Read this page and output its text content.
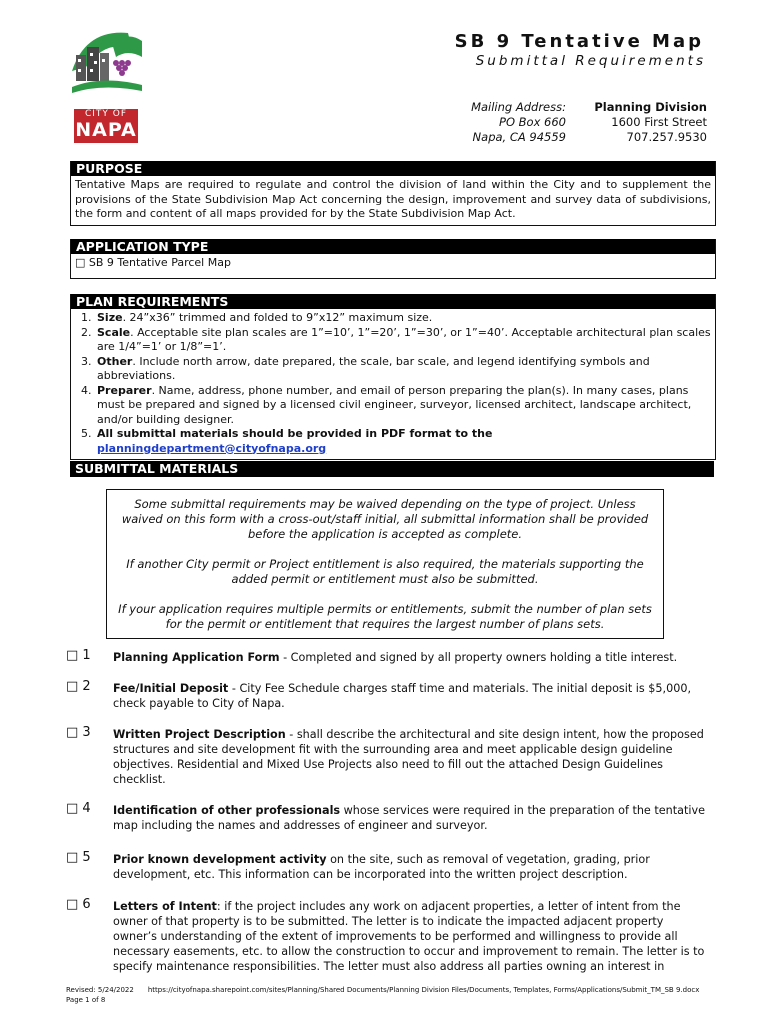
CITY OF
NAPA
SB 9 Tentative Map
Submittal Requirements
Mailing Address:
PO Box 660
Napa, CA 94559
Planning Division
1600 First Street
707.257.9530
PURPOSE
Tentative Maps are required to regulate and control the division of land within the City and to supplement the provisions of the State Subdivision Map Act concerning the design, improvement and survey data of subdivisions, the form and content of all maps provided for by the State Subdivision Map Act.
APPLICATION TYPE
□ SB 9 Tentative Parcel Map
PLAN REQUIREMENTS
1. Size. 24”x36” trimmed and folded to 9”x12” maximum size.
2. Scale. Acceptable site plan scales are 1”=10’, 1”=20’, 1”=30’, or 1”=40’. Acceptable architectural plan scales are 1/4”=1’ or 1/8”=1’.
3. Other. Include north arrow, date prepared, the scale, bar scale, and legend identifying symbols and abbreviations.
4. Preparer. Name, address, phone number, and email of person preparing the plan(s). In many cases, plans must be prepared and signed by a licensed civil engineer, surveyor, licensed architect, landscape architect, and/or building designer.
5. All submittal materials should be provided in PDF format to the planningdepartment@cityofnapa.org
SUBMITTAL MATERIALS

Some submittal requirements may be waived depending on the type of project. Unless waived on this form with a cross-out/staff initial, all submittal information shall be provided before the application is accepted as complete.

If another City permit or Project entitlement is also required, the materials supporting the added permit or entitlement must also be submitted.

If your application requires multiple permits or entitlements, submit the number of plan sets for the permit or entitlement that requires the largest number of plans sets.

□ 1 Planning Application Form - Completed and signed by all property owners holding a title interest.
□ 2 Fee/Initial Deposit - City Fee Schedule charges staff time and materials. The initial deposit is $5,000, check payable to City of Napa.
□ 3 Written Project Description - shall describe the architectural and site design intent, how the proposed structures and site development fit with the surrounding area and meet applicable design guideline objectives. Residential and Mixed Use Projects also need to fill out the attached Design Guidelines checklist.
□ 4 Identification of other professionals whose services were required in the preparation of the tentative map including the names and addresses of engineer and surveyor.
□ 5 Prior known development activity on the site, such as removal of vegetation, grading, prior development, etc. This information can be incorporated into the written project description.
□ 6 Letters of Intent: if the project includes any work on adjacent properties, a letter of intent from the owner of that property is to be submitted. The letter is to indicate the impacted adjacent property owner’s understanding of the extent of improvements to be performed and willingness to provide all necessary easements, etc. to allow the construction to occur and improvement to remain. The letter is to specify maintenance responsibilities. The letter must also address all parties owning an interest in
Revised: 5/24/2022 https://cityofnapa.sharepoint.com/sites/Planning/Shared Documents/Planning Division Files/Documents, Templates, Forms/Applications/Submit_TM_SB 9.docx Page 1 of 8
